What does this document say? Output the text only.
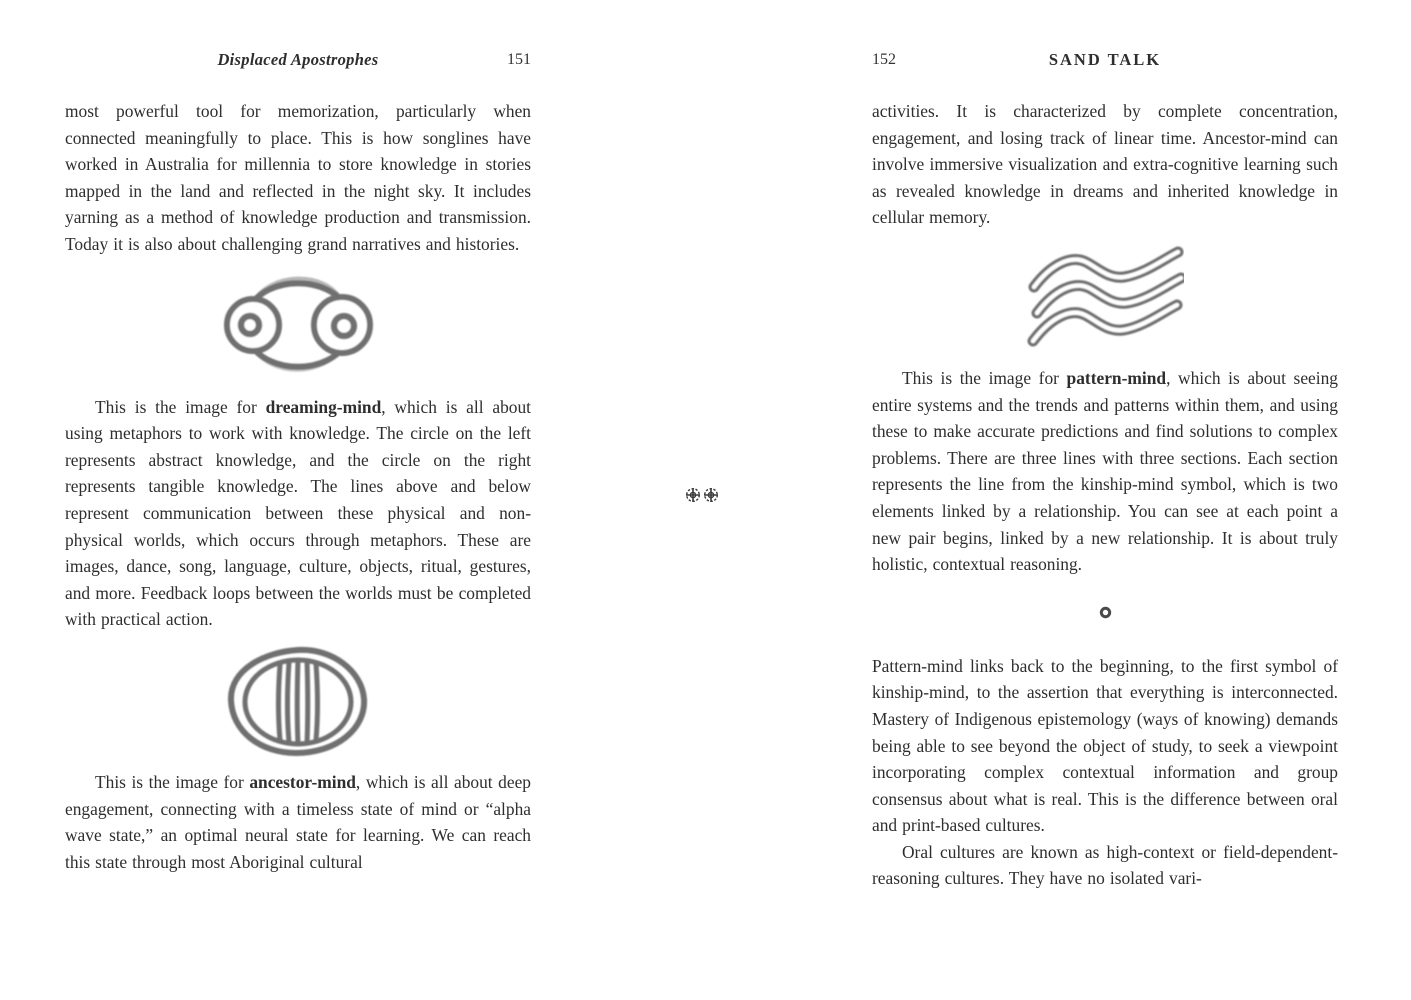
Displaced Apostrophes	151

most powerful tool for memorization, particularly when connected meaningfully to place. This is how songlines have worked in Australia for millennia to store knowledge in stories mapped in the land and reflected in the night sky. It includes yarning as a method of knowledge production and transmission. Today it is also about challenging grand narratives and histories.

This is the image for dreaming-mind, which is all about using metaphors to work with knowledge. The circle on the left represents abstract knowledge, and the circle on the right represents tangible knowledge. The lines above and below represent communication between these physical and non-physical worlds, which occurs through metaphors. These are images, dance, song, language, culture, objects, ritual, gestures, and more. Feedback loops between the worlds must be completed with practical action.

This is the image for ancestor-mind, which is all about deep engagement, connecting with a timeless state of mind or “alpha wave state,” an optimal neural state for learning. We can reach this state through most Aboriginal cultural

SAND TALK
152

activities. It is characterized by complete concentration, engagement, and losing track of linear time. Ancestor-mind can involve immersive visualization and extra-cognitive learning such as revealed knowledge in dreams and inherited knowledge in cellular memory.

This is the image for pattern-mind, which is about seeing entire systems and the trends and patterns within them, and using these to make accurate predictions and find solutions to complex problems. There are three lines with three sections. Each section represents the line from the kinship-mind symbol, which is two elements linked by a relationship. You can see at each point a new pair begins, linked by a new relationship. It is about truly holistic, contextual reasoning.

Pattern-mind links back to the beginning, to the first symbol of kinship-mind, to the assertion that everything is interconnected. Mastery of Indigenous epistemology (ways of knowing) demands being able to see beyond the object of study, to seek a viewpoint incorporating complex contextual information and group consensus about what is real. This is the difference between oral and print-based cultures.

Oral cultures are known as high-context or field-dependent-reasoning cultures. They have no isolated vari-
